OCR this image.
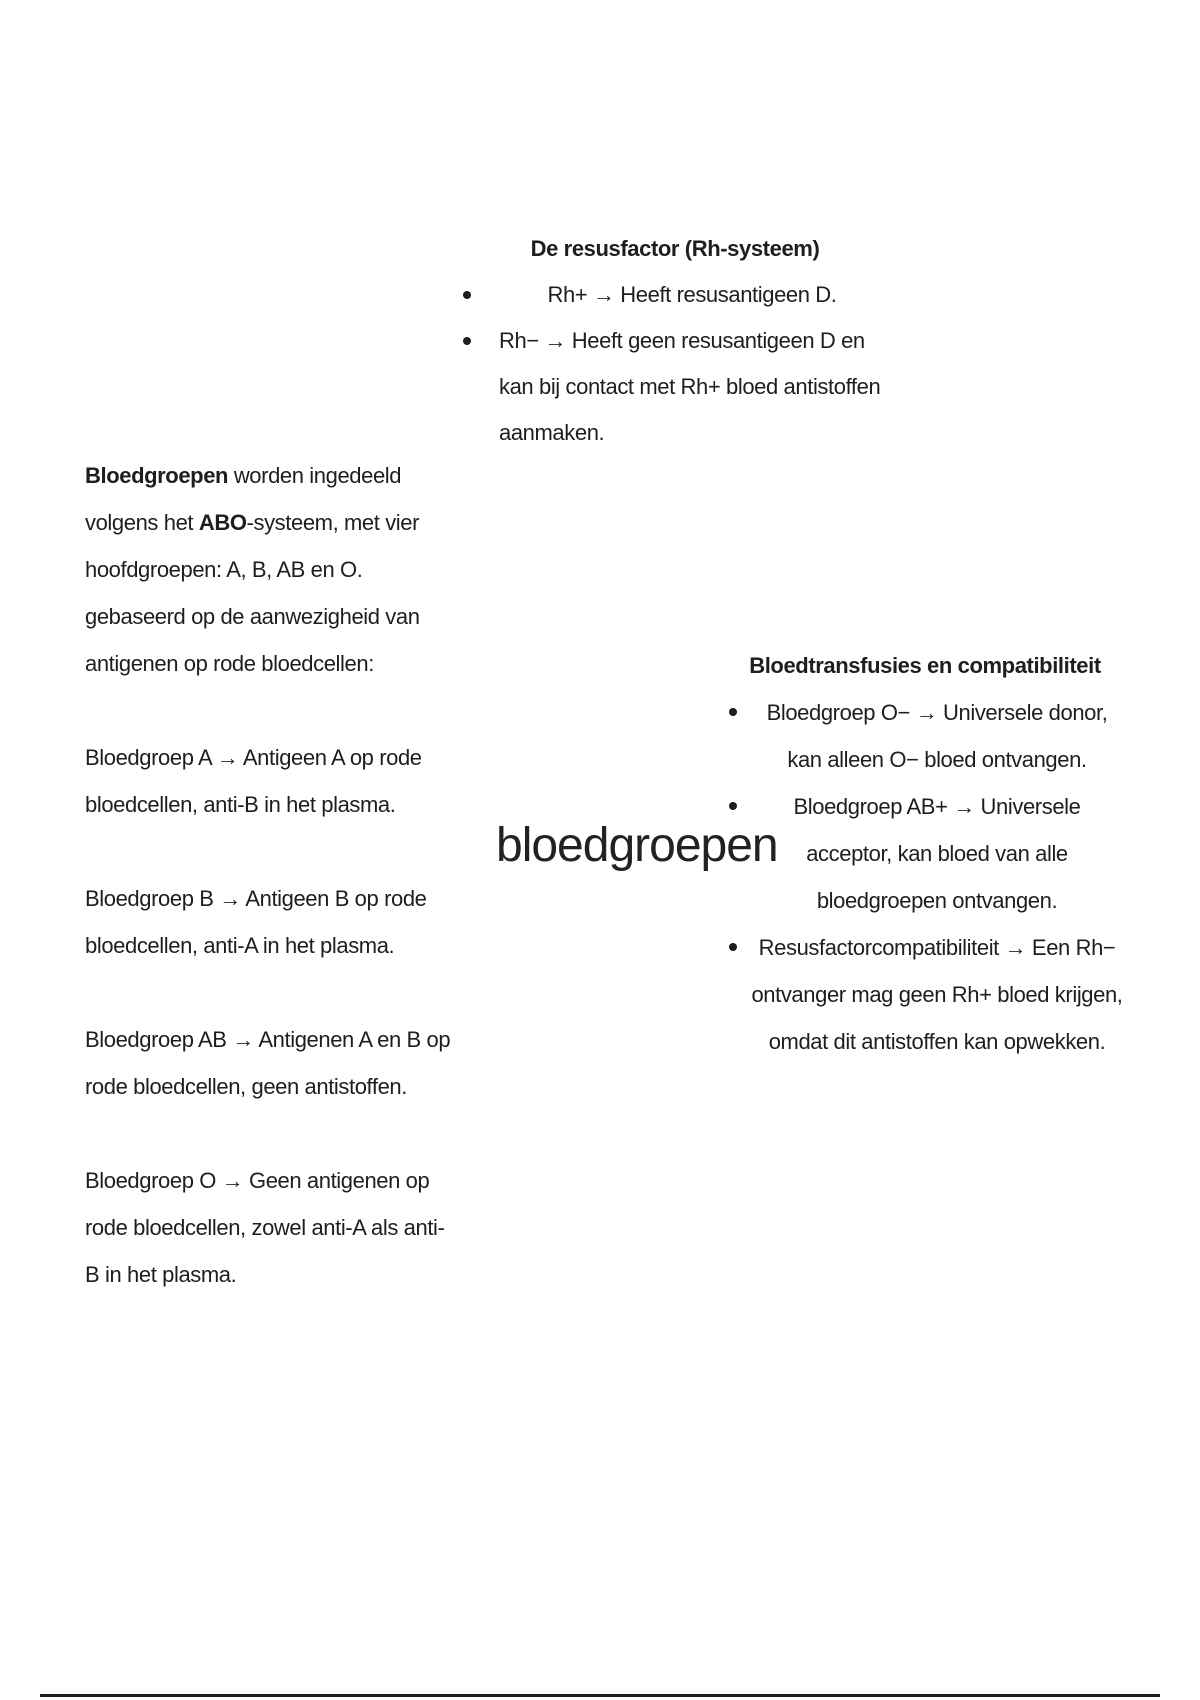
De resusfactor (Rh-systeem)
Rh+ → Heeft resusantigeen D.
Rh− → Heeft geen resusantigeen D en kan bij contact met Rh+ bloed antistoffen aanmaken.

Bloedgroepen worden ingedeeld volgens het ABO-systeem, met vier hoofdgroepen: A, B, AB en O. gebaseerd op de aanwezigheid van antigenen op rode bloedcellen:

Bloedgroep A → Antigeen A op rode bloedcellen, anti-B in het plasma.

Bloedgroep B → Antigeen B op rode bloedcellen, anti-A in het plasma.

Bloedgroep AB → Antigenen A en B op rode bloedcellen, geen antistoffen.

Bloedgroep O → Geen antigenen op rode bloedcellen, zowel anti-A als anti-B in het plasma.

bloedgroepen
Bloedtransfusies en compatibiliteit
Bloedgroep O− → Universele donor, kan alleen O− bloed ontvangen.
Bloedgroep AB+ → Universele acceptor, kan bloed van alle bloedgroepen ontvangen.
Resusfactorcompatibiliteit → Een Rh− ontvanger mag geen Rh+ bloed krijgen, omdat dit antistoffen kan opwekken.
